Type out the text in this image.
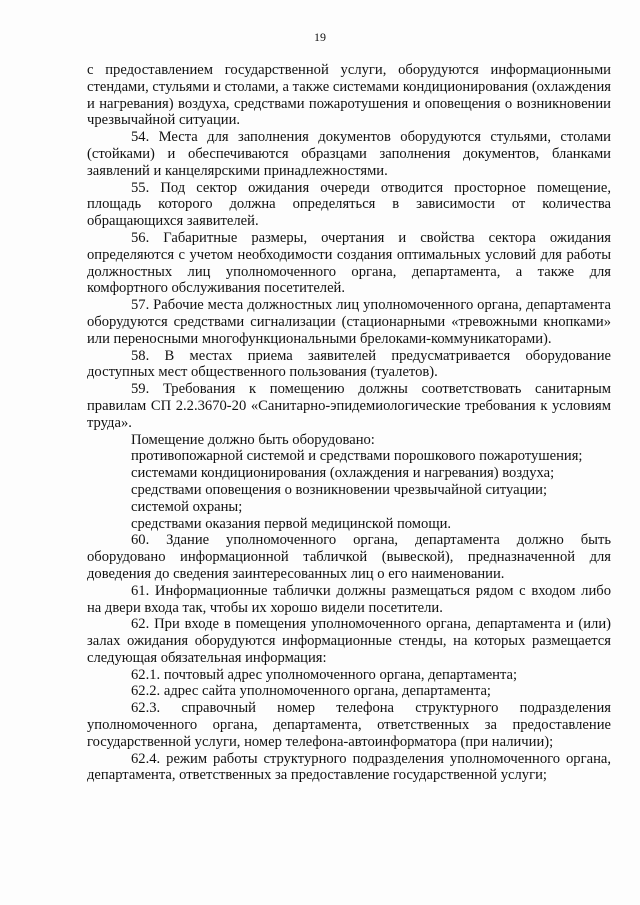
19

с предоставлением государственной услуги, оборудуются информационными стендами, стульями и столами, а также системами кондиционирования (охлаждения и нагревания) воздуха, средствами пожаротушения и оповещения о возникновении чрезвычайной ситуации.

54. Места для заполнения документов оборудуются стульями, столами (стойками) и обеспечиваются образцами заполнения документов, бланками заявлений и канцелярскими принадлежностями.

55. Под сектор ожидания очереди отводится просторное помещение, площадь которого должна определяться в зависимости от количества обращающихся заявителей.

56. Габаритные размеры, очертания и свойства сектора ожидания определяются с учетом необходимости создания оптимальных условий для работы должностных лиц уполномоченного органа, департамента, а также для комфортного обслуживания посетителей.

57. Рабочие места должностных лиц уполномоченного органа, департамента оборудуются средствами сигнализации (стационарными «тревожными кнопками» или переносными многофункциональными брелоками-коммуникаторами).

58. В местах приема заявителей предусматривается оборудование доступных мест общественного пользования (туалетов).

59. Требования к помещению должны соответствовать санитарным правилам СП 2.2.3670-20 «Санитарно-эпидемиологические требования к условиям труда».

Помещение должно быть оборудовано:

противопожарной системой и средствами порошкового пожаротушения;

системами кондиционирования (охлаждения и нагревания) воздуха;

средствами оповещения о возникновении чрезвычайной ситуации;

системой охраны;

средствами оказания первой медицинской помощи.

60. Здание уполномоченного органа, департамента должно быть оборудовано информационной табличкой (вывеской), предназначенной для доведения до сведения заинтересованных лиц о его наименовании.

61. Информационные таблички должны размещаться рядом с входом либо на двери входа так, чтобы их хорошо видели посетители.

62. При входе в помещения уполномоченного органа, департамента и (или) залах ожидания оборудуются информационные стенды, на которых размещается следующая обязательная информация:

62.1. почтовый адрес уполномоченного органа, департамента;

62.2. адрес сайта уполномоченного органа, департамента;

62.3. справочный номер телефона структурного подразделения уполномоченного органа, департамента, ответственных за предоставление государственной услуги, номер телефона-автоинформатора (при наличии);

62.4. режим работы структурного подразделения уполномоченного органа, департамента, ответственных за предоставление государственной услуги;
